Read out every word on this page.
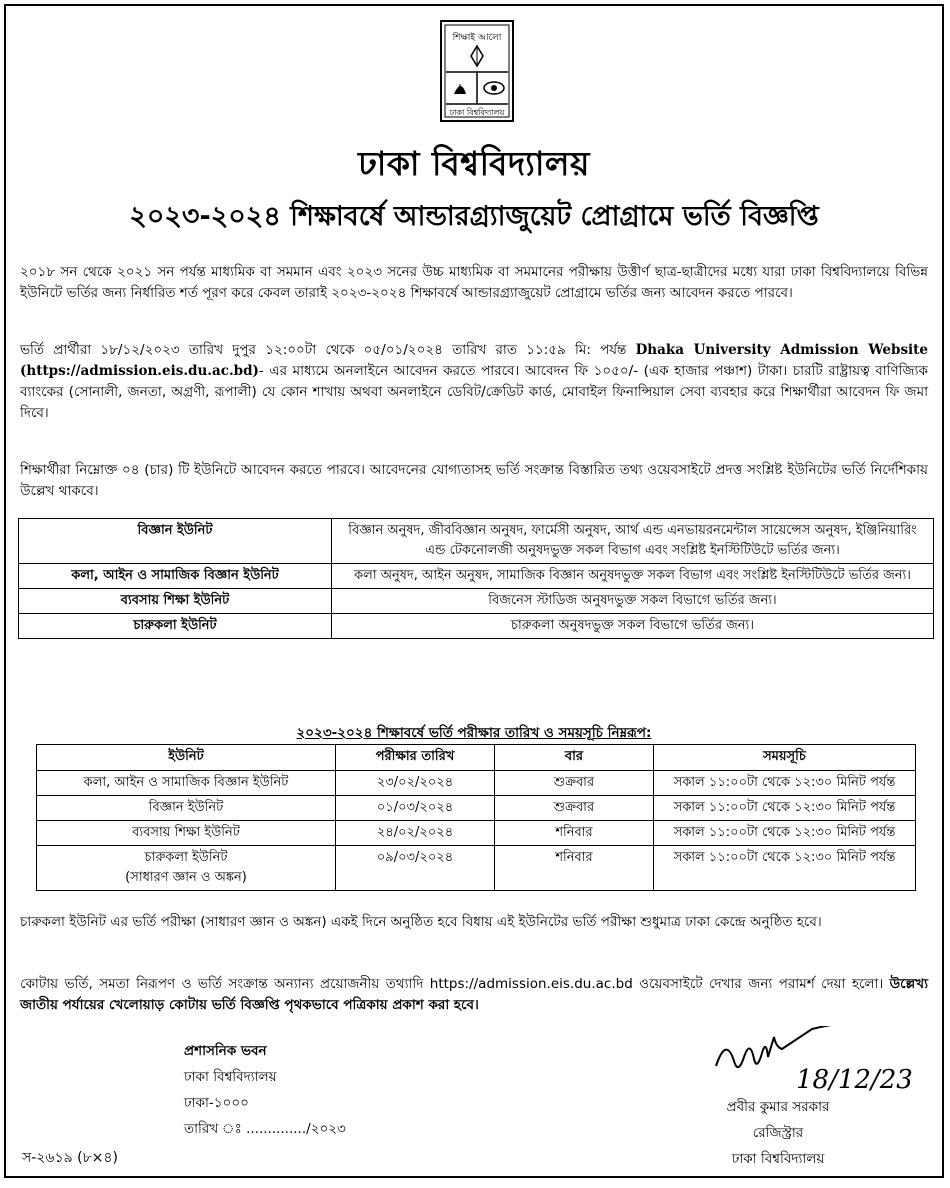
শিক্ষাই আলো
ঢাকা বিশ্ববিদ্যালয়
ঢাকা বিশ্ববিদ্যালয়
২০২৩-২০২৪ শিক্ষাবর্ষে আন্ডারগ্র্যাজুয়েট প্রোগ্রামে ভর্তি বিজ্ঞপ্তি
২০১৮ সন থেকে ২০২১ সন পর্যন্ত মাধ্যমিক বা সমমান এবং ২০২৩ সনের উচ্চ মাধ্যমিক বা সমমানের পরীক্ষায় উত্তীর্ণ ছাত্র-ছাত্রীদের মধ্যে যারা ঢাকা বিশ্ববিদ্যালয়ে বিভিন্ন ইউনিটে ভর্তির জন্য নির্ধারিত শর্ত পূরণ করে কেবল তারাই ২০২৩-২০২৪ শিক্ষাবর্ষে আন্ডারগ্র্যাজুয়েট প্রোগ্রামে ভর্তির জন্য আবেদন করতে পারবে।
ভর্তি প্রার্থীরা ১৮/১২/২০২৩ তারিখ দুপুর ১২:০০টা থেকে ০৫/০১/২০২৪ তারিখ রাত ১১:৫৯ মি: পর্যন্ত Dhaka University Admission Website (https://admission.eis.du.ac.bd)- এর মাধ্যমে অনলাইনে আবেদন করতে পারবে। আবেদন ফি ১০৫০/- (এক হাজার পঞ্চাশ) টাকা। চারটি রাষ্ট্রায়ত্ব বাণিজ্যিক ব্যাংকের (সোনালী, জনতা, অগ্রণী, রূপালী) যে কোন শাখায় অথবা অনলাইনে ডেবিট/ক্রেডিট কার্ড, মোবাইল ফিনান্সিয়াল সেবা ব্যবহার করে শিক্ষার্থীরা আবেদন ফি জমা দিবে।
শিক্ষার্থীরা নিম্নোক্ত ০৪ (চার) টি ইউনিটে আবেদন করতে পারবে। আবেদনের যোগ্যতাসহ ভর্তি সংক্রান্ত বিস্তারিত তথ্য ওয়েবসাইটে প্রদত্ত সংশ্লিষ্ট ইউনিটের ভর্তি নির্দেশিকায় উল্লেখ থাকবে।
বিজ্ঞান ইউনিট	বিজ্ঞান অনুষদ, জীববিজ্ঞান অনুষদ, ফার্মেসী অনুষদ, আর্থ এন্ড এনভায়রনমেন্টাল সায়েন্সেস অনুষদ, ইঞ্জিনিয়ারিং এন্ড টেকনোলজী অনুষদভুক্ত সকল বিভাগ এবং সংশ্লিষ্ট ইনস্টিটিউটে ভর্তির জন্য।
কলা, আইন ও সামাজিক বিজ্ঞান ইউনিট	কলা অনুষদ, আইন অনুষদ, সামাজিক বিজ্ঞান অনুষদভুক্ত সকল বিভাগ এবং সংশ্লিষ্ট ইনস্টিটিউটে ভর্তির জন্য।
ব্যবসায় শিক্ষা ইউনিট	বিজনেস স্টাডিজ অনুষদভুক্ত সকল বিভাগে ভর্তির জন্য।
চারুকলা ইউনিট	চারুকলা অনুষদভুক্ত সকল বিভাগে ভর্তির জন্য।
২০২৩-২০২৪ শিক্ষাবর্ষে ভর্তি পরীক্ষার তারিখ ও সময়সূচি নিম্নরূপ:
ইউনিট	পরীক্ষার তারিখ	বার	সময়সূচি

কলা, আইন ও সামাজিক বিজ্ঞান ইউনিট	২৩/০২/২০২৪	শুক্রবার	সকাল ১১:০০টা থেকে ১২:৩০ মিনিট পর্যন্ত

বিজ্ঞান ইউনিট	০১/০৩/২০২৪	শুক্রবার	সকাল ১১:০০টা থেকে ১২:৩০ মিনিট পর্যন্ত

ব্যবসায় শিক্ষা ইউনিট	২৪/০২/২০২৪	শনিবার	সকাল ১১:০০টা থেকে ১২:৩০ মিনিট পর্যন্ত

চারুকলা ইউনিট
(সাধারণ জ্ঞান ও অঙ্কন)	০৯/০৩/২০২৪	শনিবার	সকাল ১১:০০টা থেকে ১২:৩০ মিনিট পর্যন্ত
চারুকলা ইউনিট এর ভর্তি পরীক্ষা (সাধারণ জ্ঞান ও অঙ্কন) একই দিনে অনুষ্ঠিত হবে বিধায় এই ইউনিটের ভর্তি পরীক্ষা শুধুমাত্র ঢাকা কেন্দ্রে অনুষ্ঠিত হবে।
কোটায় ভর্তি, সমতা নিরূপণ ও ভর্তি সংক্রান্ত অন্যান্য প্রয়োজনীয় তথ্যাদি https://admission.eis.du.ac.bd ওয়েবসাইটে দেখার জন্য পরামর্শ দেয়া হলো। উল্লেখ্য জাতীয় পর্যায়ের খেলোয়াড় কোটায় ভর্তি বিজ্ঞপ্তি পৃথকভাবে পত্রিকায় প্রকাশ করা হবে।
প্রশাসনিক ভবন
ঢাকা বিশ্ববিদ্যালয়
ঢাকা-১০০০
তারিখ ঃ ............../২০২৩
স-২৬১৯ (৮×৪)
18/12/23
প্রবীর কুমার সরকার
রেজিস্ট্রার
ঢাকা বিশ্ববিদ্যালয়
